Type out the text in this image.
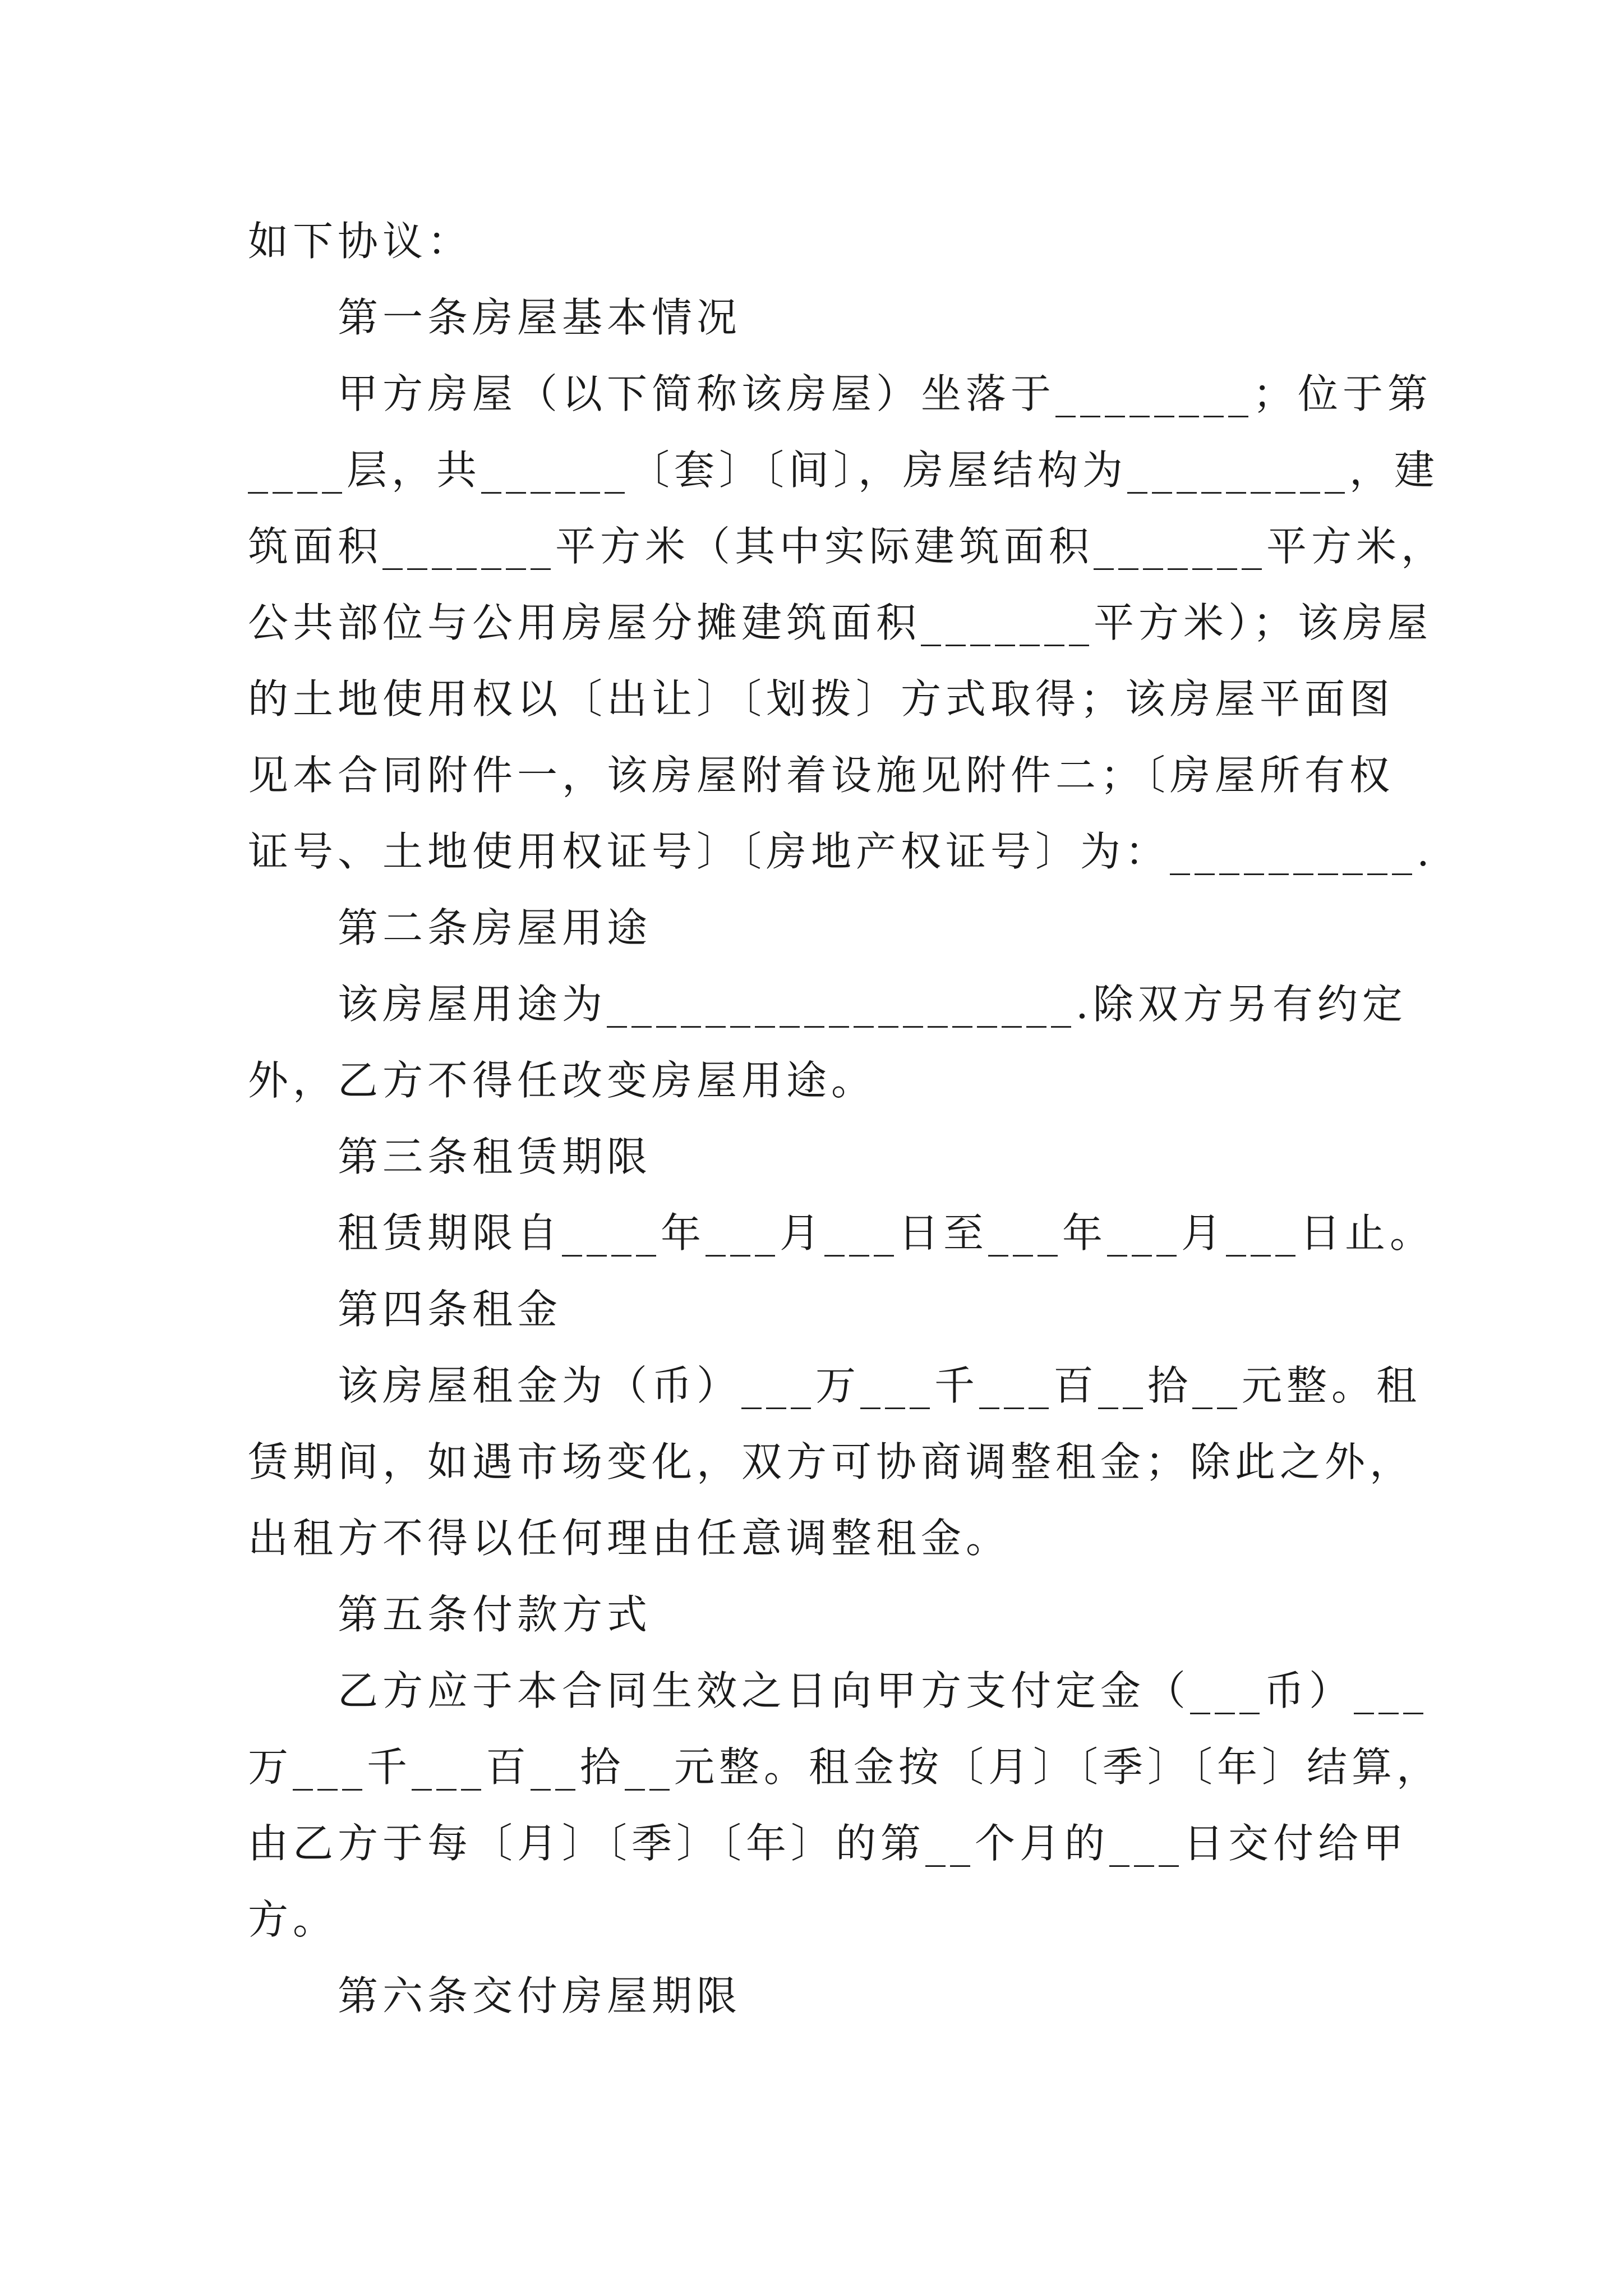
如下协议：
第一条房屋基本情况
甲方房屋（以下简称该房屋）坐落于________；位于第
____层，共______〔套〕〔间〕，房屋结构为_________，建
筑面积_______平方米（其中实际建筑面积_______平方米，
公共部位与公用房屋分摊建筑面积_______平方米）；该房屋
的土地使用权以〔出让〕〔划拨〕方式取得；该房屋平面图
见本合同附件一，该房屋附着设施见附件二；〔房屋所有权
证号、土地使用权证号〕〔房地产权证号〕为：__________.
第二条房屋用途
该房屋用途为___________________.除双方另有约定
外，乙方不得任改变房屋用途。
第三条租赁期限
租赁期限自____年___月___日至___年___月___日止。
第四条租金
该房屋租金为（币）___万___千___百__拾__元整。租
赁期间，如遇市场变化，双方可协商调整租金；除此之外，
出租方不得以任何理由任意调整租金。
第五条付款方式
乙方应于本合同生效之日向甲方支付定金（___币）___
万___千___百__拾__元整。租金按〔月〕〔季〕〔年〕结算，
由乙方于每〔月〕〔季〕〔年〕的第__个月的___日交付给甲
方。
第六条交付房屋期限
